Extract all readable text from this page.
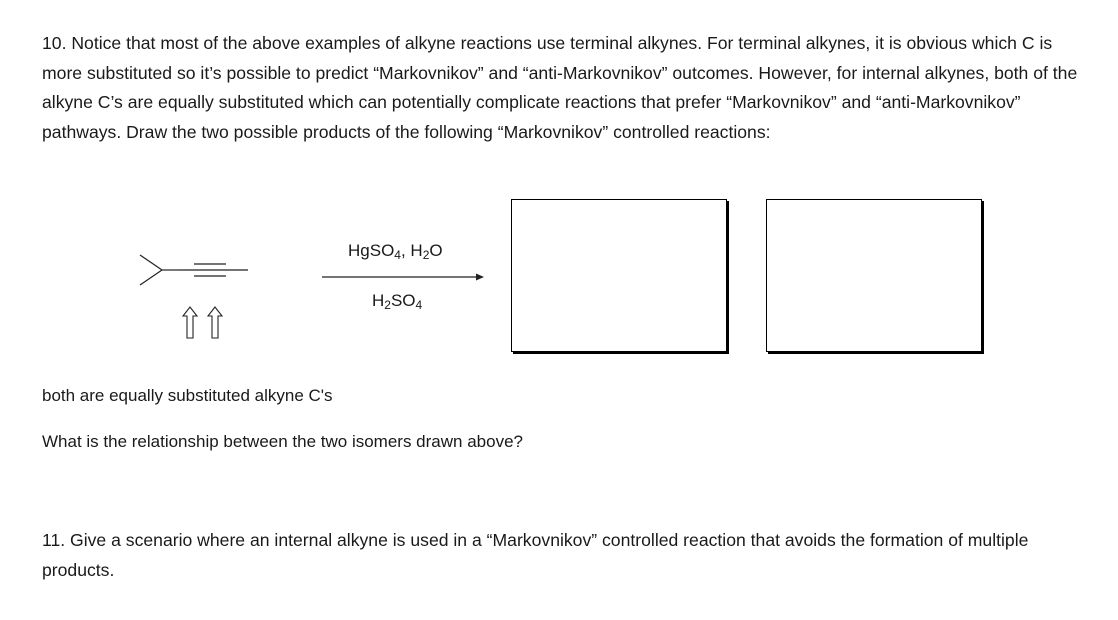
10. Notice that most of the above examples of alkyne reactions use terminal alkynes. For terminal alkynes, it is obvious which C is more substituted so it’s possible to predict “Markovnikov” and “anti-Markovnikov” outcomes. However, for internal alkynes, both of the alkyne C’s are equally substituted which can potentially complicate reactions that prefer “Markovnikov” and “anti-Markovnikov” pathways. Draw the two possible products of the following “Markovnikov” controlled reactions:

HgSO$_4$, $H_2O$

$H_2SO_4$

both are equally substituted alkyne C's

What is the relationship between the two isomers drawn above?

11. Give a scenario where an internal alkyne is used in a “Markovnikov” controlled reaction that avoids the formation of multiple products.
